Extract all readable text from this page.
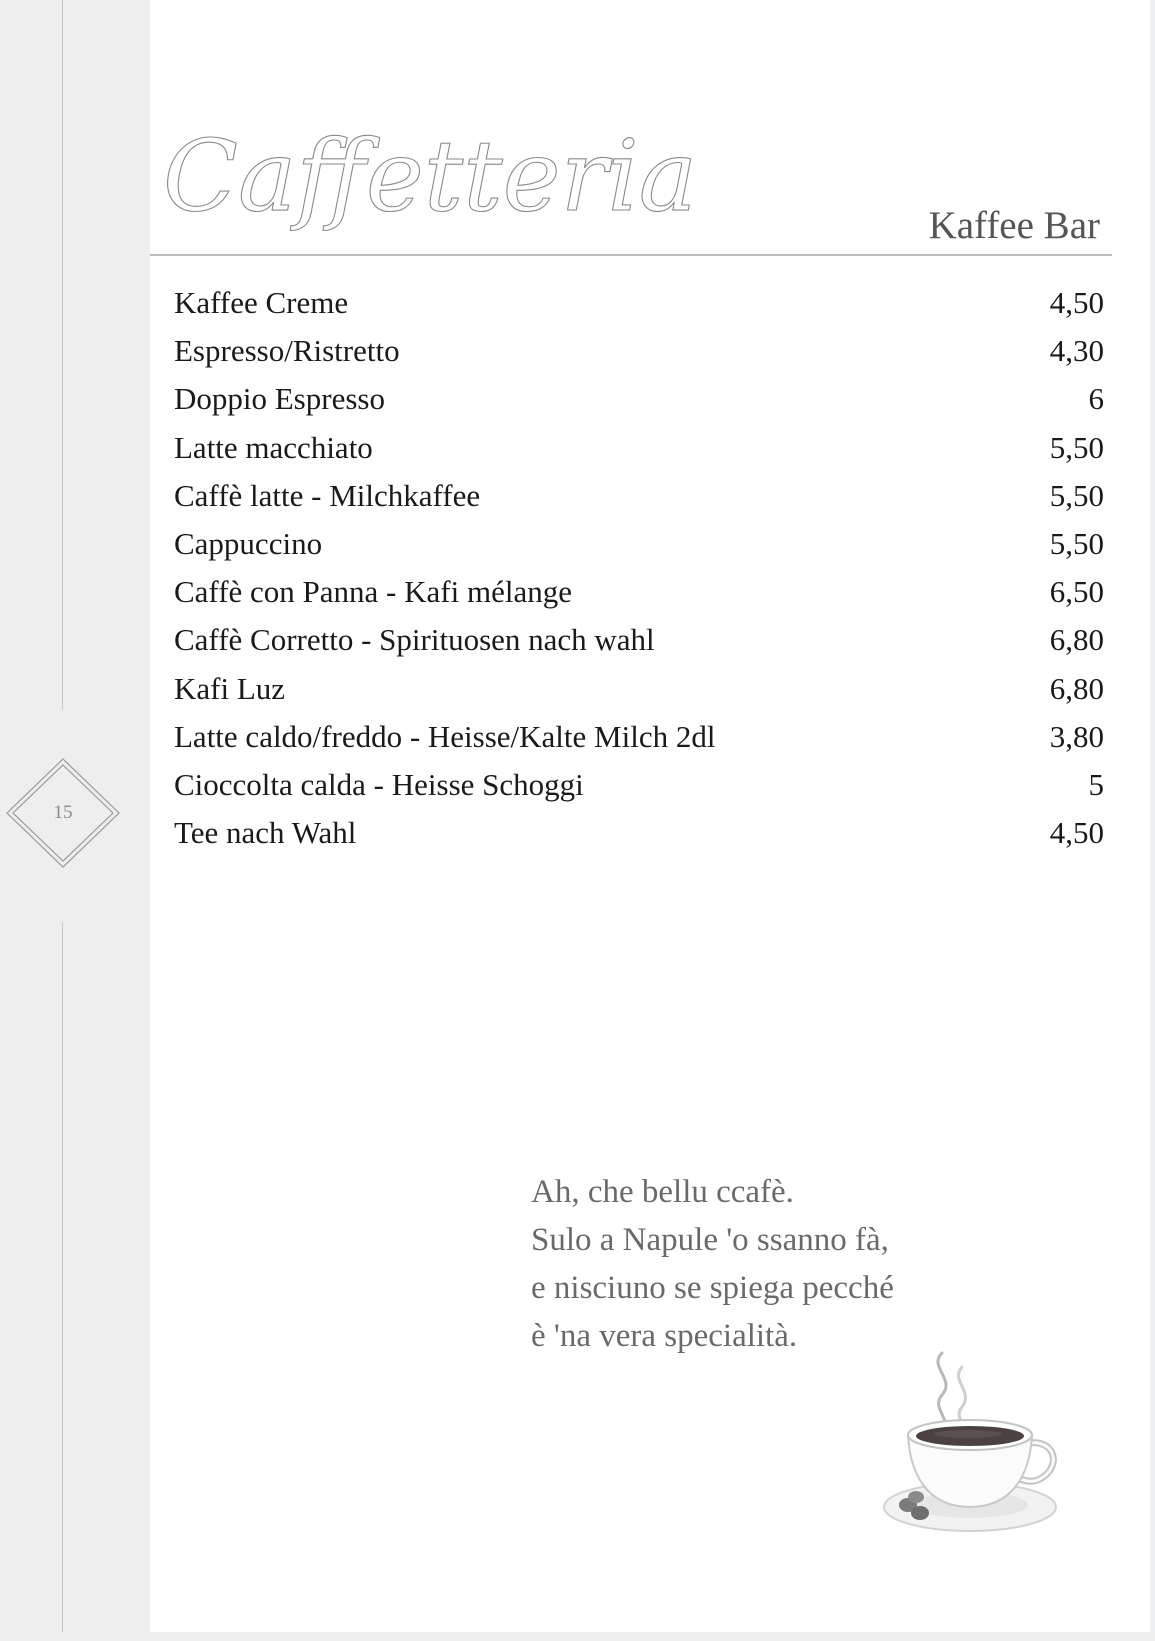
15
Caffetteria	Kaffee Bar
Kaffee Creme	4,50
Espresso/Ristretto	4,30
Doppio Espresso	6
Latte macchiato	5,50
Caffè latte - Milchkaffee	5,50
Cappuccino	5,50
Caffè con Panna - Kafi mélange	6,50
Caffè Corretto - Spirituosen nach wahl	6,80
Kafi Luz	6,80
Latte caldo/freddo - Heisse/Kalte Milch 2dl	3,80
Cioccolta calda - Heisse Schoggi	5
Tee nach Wahl	4,50
Ah, che bellu ccafè.
Sulo a Napule 'o ssanno fà,
e nisciuno se spiega pecché
è 'na vera specialità.
